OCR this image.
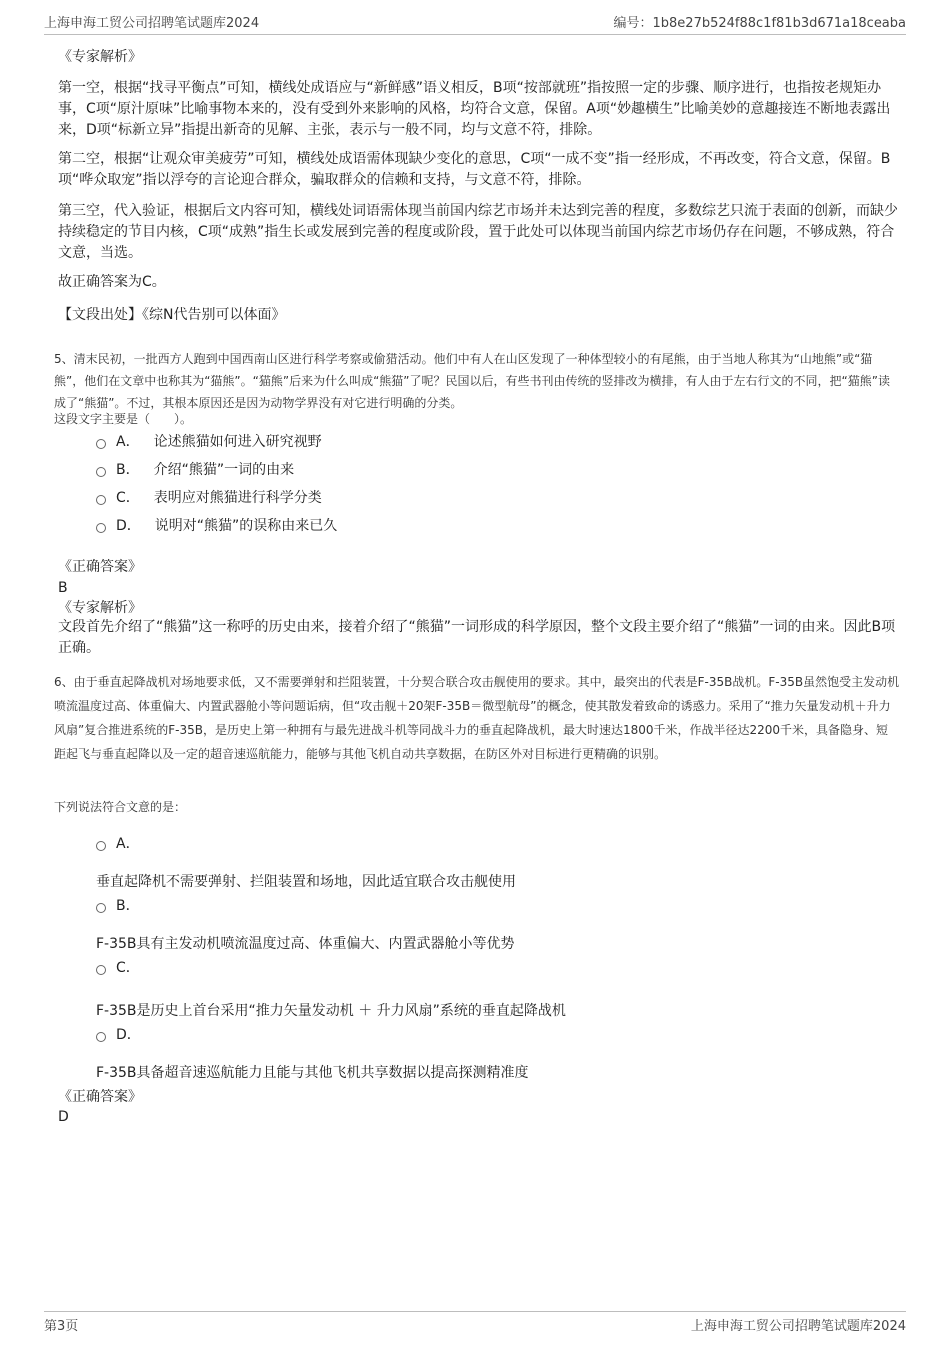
上海申海工贸公司招聘笔试题库2024	编号：1b8e27b524f88c1f81b3d671a18ceaba
《专家解析》
第一空，根据“找寻平衡点”可知，横线处成语应与“新鲜感”语义相反，B项“按部就班”指按照一定的步骤、顺序进行，也指按老规矩办事，C项“原汁原味”比喻事物本来的，没有受到外来影响的风格，均符合文意，保留。A项“妙趣横生”比喻美妙的意趣接连不断地表露出来，D项“标新立异”指提出新奇的见解、主张，表示与一般不同，均与文意不符，排除。
第二空，根据“让观众审美疲劳”可知，横线处成语需体现缺少变化的意思，C项“一成不变”指一经形成，不再改变，符合文意，保留。B项“哗众取宠”指以浮夸的言论迎合群众，骗取群众的信赖和支持，与文意不符，排除。
第三空，代入验证，根据后文内容可知，横线处词语需体现当前国内综艺市场并未达到完善的程度，多数综艺只流于表面的创新，而缺少持续稳定的节目内核，C项“成熟”指生长或发展到完善的程度或阶段，置于此处可以体现当前国内综艺市场仍存在问题，不够成熟，符合文意，当选。
故正确答案为C。
【文段出处】《综N代告别可以体面》
5、清末民初，一批西方人跑到中国西南山区进行科学考察或偷猎活动。他们中有人在山区发现了一种体型较小的有尾熊，由于当地人称其为“山地熊”或“猫熊”，他们在文章中也称其为“猫熊”。“猫熊”后来为什么叫成“熊猫”了呢？民国以后，有些书刊由传统的竖排改为横排，有人由于左右行文的不同，把“猫熊”读成了“熊猫”。不过，其根本原因还是因为动物学界没有对它进行明确的分类。
这段文字主要是（　　）。
A． 论述熊猫如何进入研究视野
B． 介绍“熊猫”一词的由来
C． 表明应对熊猫进行科学分类
D． 说明对“熊猫”的误称由来已久
《正确答案》
B
《专家解析》
文段首先介绍了“熊猫”这一称呼的历史由来，接着介绍了“熊猫”一词形成的科学原因，整个文段主要介绍了“熊猫”一词的由来。因此B项正确。
6、由于垂直起降战机对场地要求低，又不需要弹射和拦阻装置，十分契合联合攻击舰使用的要求。其中，最突出的代表是F-35B战机。F-35B虽然饱受主发动机喷流温度过高、体重偏大、内置武器舱小等问题诟病，但“攻击舰＋20架F-35B＝微型航母”的概念，使其散发着致命的诱惑力。采用了“推力矢量发动机＋升力风扇”复合推进系统的F-35B，是历史上第一种拥有与最先进战斗机等同战斗力的垂直起降战机，最大时速达1800千米，作战半径达2200千米，具备隐身、短距起飞与垂直起降以及一定的超音速巡航能力，能够与其他飞机自动共享数据，在防区外对目标进行更精确的识别。
下列说法符合文意的是：
A．
垂直起降机不需要弹射、拦阻装置和场地，因此适宜联合攻击舰使用
B．
F-35B具有主发动机喷流温度过高、体重偏大、内置武器舱小等优势
C．
F-35B是历史上首台采用“推力矢量发动机 ＋ 升力风扇”系统的垂直起降战机
D．
F-35B具备超音速巡航能力且能与其他飞机共享数据以提高探测精准度
《正确答案》
D
第3页	上海申海工贸公司招聘笔试题库2024
